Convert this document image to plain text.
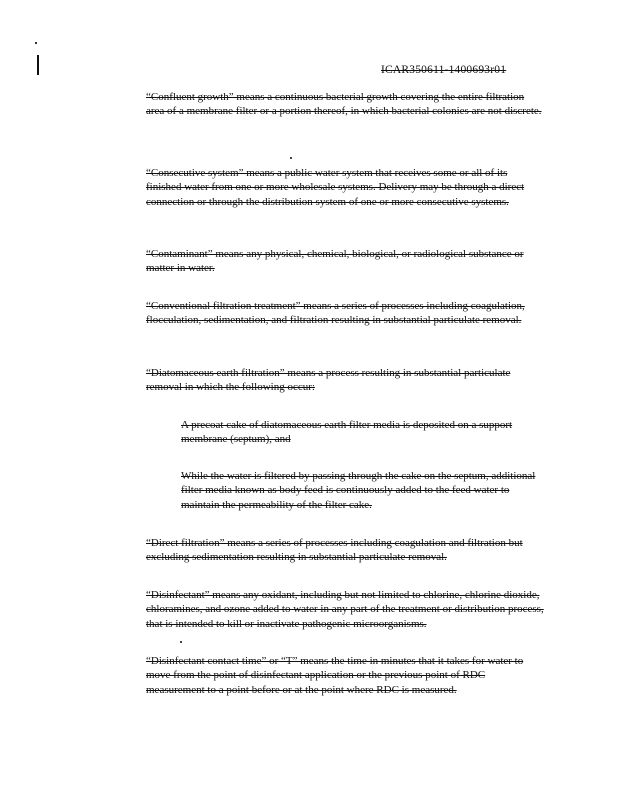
ICAR350611-1400693r01

“Confluent growth” means a continuous bacterial growth covering the entire filtration area of a membrane filter or a portion thereof, in which bacterial colonies are not discrete.

“Consecutive system” means a public water system that receives some or all of its finished water from one or more wholesale systems. Delivery may be through a direct connection or through the distribution system of one or more consecutive systems.

“Contaminant” means any physical, chemical, biological, or radiological substance or matter in water.

“Conventional filtration treatment” means a series of processes including coagulation, flocculation, sedimentation, and filtration resulting in substantial particulate removal.

“Diatomaceous earth filtration” means a process resulting in substantial particulate removal in which the following occur:

A precoat cake of diatomaceous earth filter media is deposited on a support membrane (septum), and

While the water is filtered by passing through the cake on the septum, additional filter media known as body feed is continuously added to the feed water to maintain the permeability of the filter cake.

“Direct filtration” means a series of processes including coagulation and filtration but excluding sedimentation resulting in substantial particulate removal.

“Disinfectant” means any oxidant, including but not limited to chlorine, chlorine dioxide, chloramines, and ozone added to water in any part of the treatment or distribution process, that is intended to kill or inactivate pathogenic microorganisms.

“Disinfectant contact time” or “T” means the time in minutes that it takes for water to move from the point of disinfectant application or the previous point of RDC measurement to a point before or at the point where RDC is measured.
